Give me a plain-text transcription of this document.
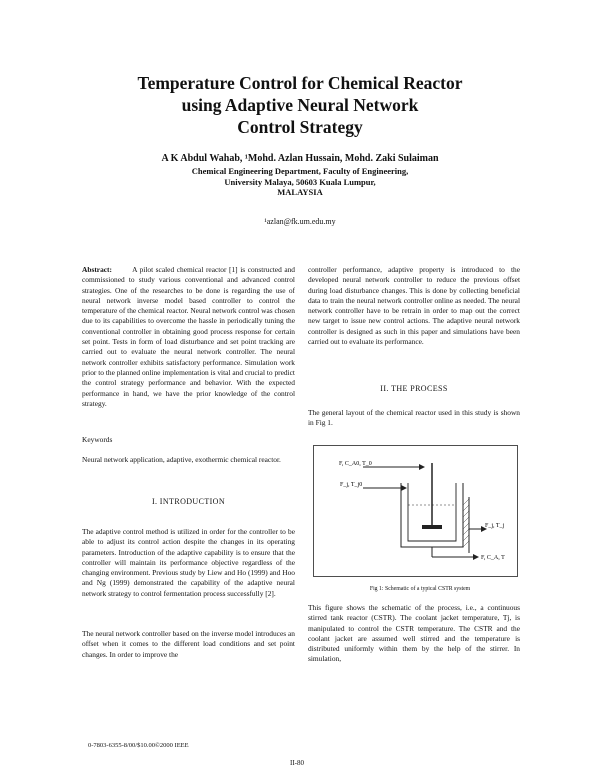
Temperature Control for Chemical Reactor
using Adaptive Neural Network
Control Strategy
A K Abdul Wahab, ¹Mohd. Azlan Hussain, Mohd. Zaki Sulaiman
Chemical Engineering Department, Faculty of Engineering,
University Malaya, 50603 Kuala Lumpur,
MALAYSIA
¹azlan@fk.um.edu.my

Abstract:	A pilot scaled chemical reactor [1] is constructed and commissioned to study various conventional and advanced control strategies. One of the researches to be done is regarding the use of neural network inverse model based controller to control the temperature of the chemical reactor. Neural network control was chosen due to its capabilities to overcome the hassle in periodically tuning the conventional controller in obtaining good process response for certain set point. Tests in form of load disturbance and set point tracking are carried out to evaluate the neural network controller. The neural network controller exhibits satisfactory performance. Simulation work prior to the planned online implementation is vital and crucial to predict the control strategy performance and behavior. With the expected performance in hand, we have the prior knowledge of the control strategy.

Keywords

Neural network application, adaptive, exothermic chemical reactor.

I. INTRODUCTION

The adaptive control method is utilized in order for the controller to be able to adjust its control action despite the changes in its operating parameters. Introduction of the adaptive capability is to ensure that the controller will maintain its performance objective regardless of the changing environment. Previous study by Liew and Ho (1999) and Hoo and Ng (1999) demonstrated the capability of the adaptive neural network strategy to control fermentation process successfully [2].

The neural network controller based on the inverse model introduces an offset when it comes to the different load conditions and set point changes. In order to improve the

controller performance, adaptive property is introduced to the developed neural network controller to reduce the previous offset during load disturbance changes. This is done by collecting beneficial data to train the neural network controller online as needed. The neural network controller have to be retrain in order to map out the correct new target to issue new control actions. The adaptive neural network controller is designed as such in this paper and simulations have been carried out to evaluate its performance.

II. THE PROCESS

The general layout of the chemical reactor used in this study is shown in Fig 1.

F, C_A0, T_0
F_j, T_j0
F_j, T_j
F, C_A, T
Fig 1: Schematic of a typical CSTR system

This figure shows the schematic of the process, i.e., a continuous stirred tank reactor (CSTR). The coolant jacket temperature, Tj, is manipulated to control the CSTR temperature. The CSTR and the coolant jacket are assumed well stirred and the temperature is distributed uniformly within them by the help of the stirrer. In simulation,

0-7803-6355-8/00/$10.00©2000 IEEE
II-80
